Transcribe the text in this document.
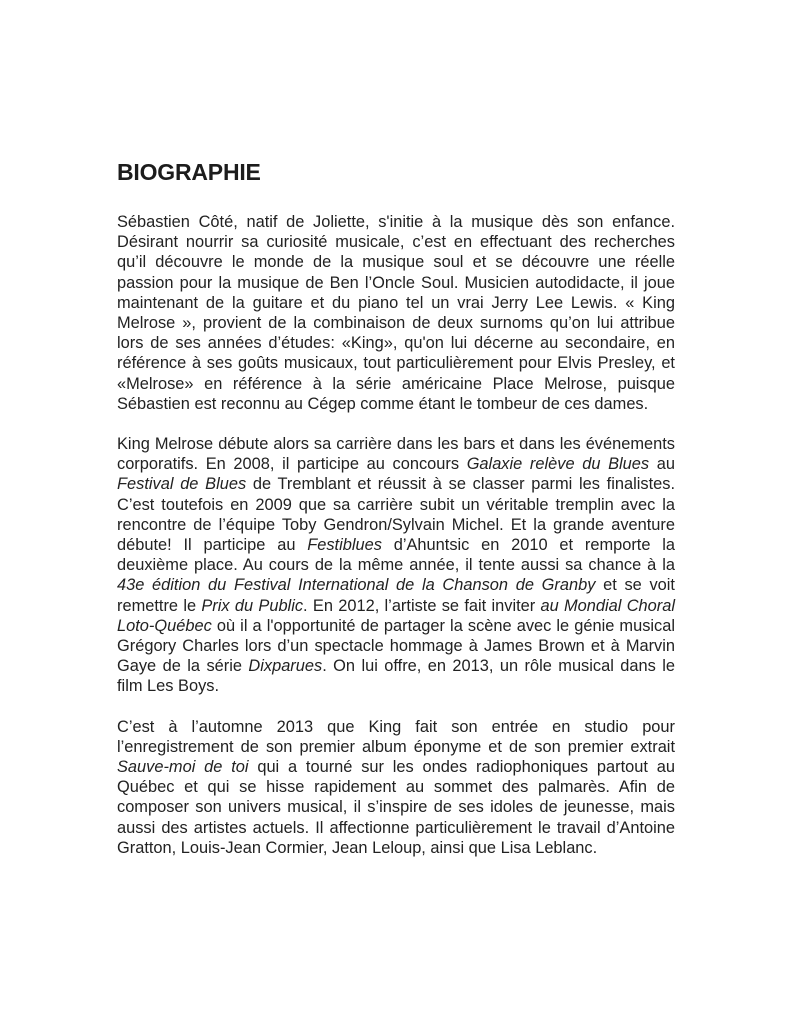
BIOGRAPHIE

Sébastien Côté, natif de Joliette, s'initie à la musique dès son enfance. Désirant nourrir sa curiosité musicale, c’est en effectuant des recherches qu’il découvre le monde de la musique soul et se découvre une réelle passion pour la musique de Ben l’Oncle Soul. Musicien autodidacte, il joue maintenant de la guitare et du piano tel un vrai Jerry Lee Lewis. « King Melrose », provient de la combinaison de deux surnoms qu’on lui attribue lors de ses années d’études: «King», qu'on lui décerne au secondaire, en référence à ses goûts musicaux, tout particulièrement pour Elvis Presley, et «Melrose» en référence à la série américaine Place Melrose, puisque Sébastien est reconnu au Cégep comme étant le tombeur de ces dames.

King Melrose débute alors sa carrière dans les bars et dans les événements corporatifs. En 2008, il participe au concours Galaxie relève du Blues au Festival de Blues de Tremblant et réussit à se classer parmi les finalistes. C’est toutefois en 2009 que sa carrière subit un véritable tremplin avec la rencontre de l’équipe Toby Gendron/Sylvain Michel. Et la grande aventure débute! Il participe au Festiblues d’Ahuntsic en 2010 et remporte la deuxième place. Au cours de la même année, il tente aussi sa chance à la 43e édition du Festival International de la Chanson de Granby et se voit remettre le Prix du Public. En 2012, l’artiste se fait inviter au Mondial Choral Loto-Québec où il a l'opportunité de partager la scène avec le génie musical Grégory Charles lors d’un spectacle hommage à James Brown et à Marvin Gaye de la série Dixparues. On lui offre, en 2013, un rôle musical dans le film Les Boys.

C’est à l’automne 2013 que King fait son entrée en studio pour l’enregistrement de son premier album éponyme et de son premier extrait Sauve-moi de toi qui a tourné sur les ondes radiophoniques partout au Québec et qui se hisse rapidement au sommet des palmarès. Afin de composer son univers musical, il s’inspire de ses idoles de jeunesse, mais aussi des artistes actuels. Il affectionne particulièrement le travail d’Antoine Gratton, Louis-Jean Cormier, Jean Leloup, ainsi que Lisa Leblanc.
